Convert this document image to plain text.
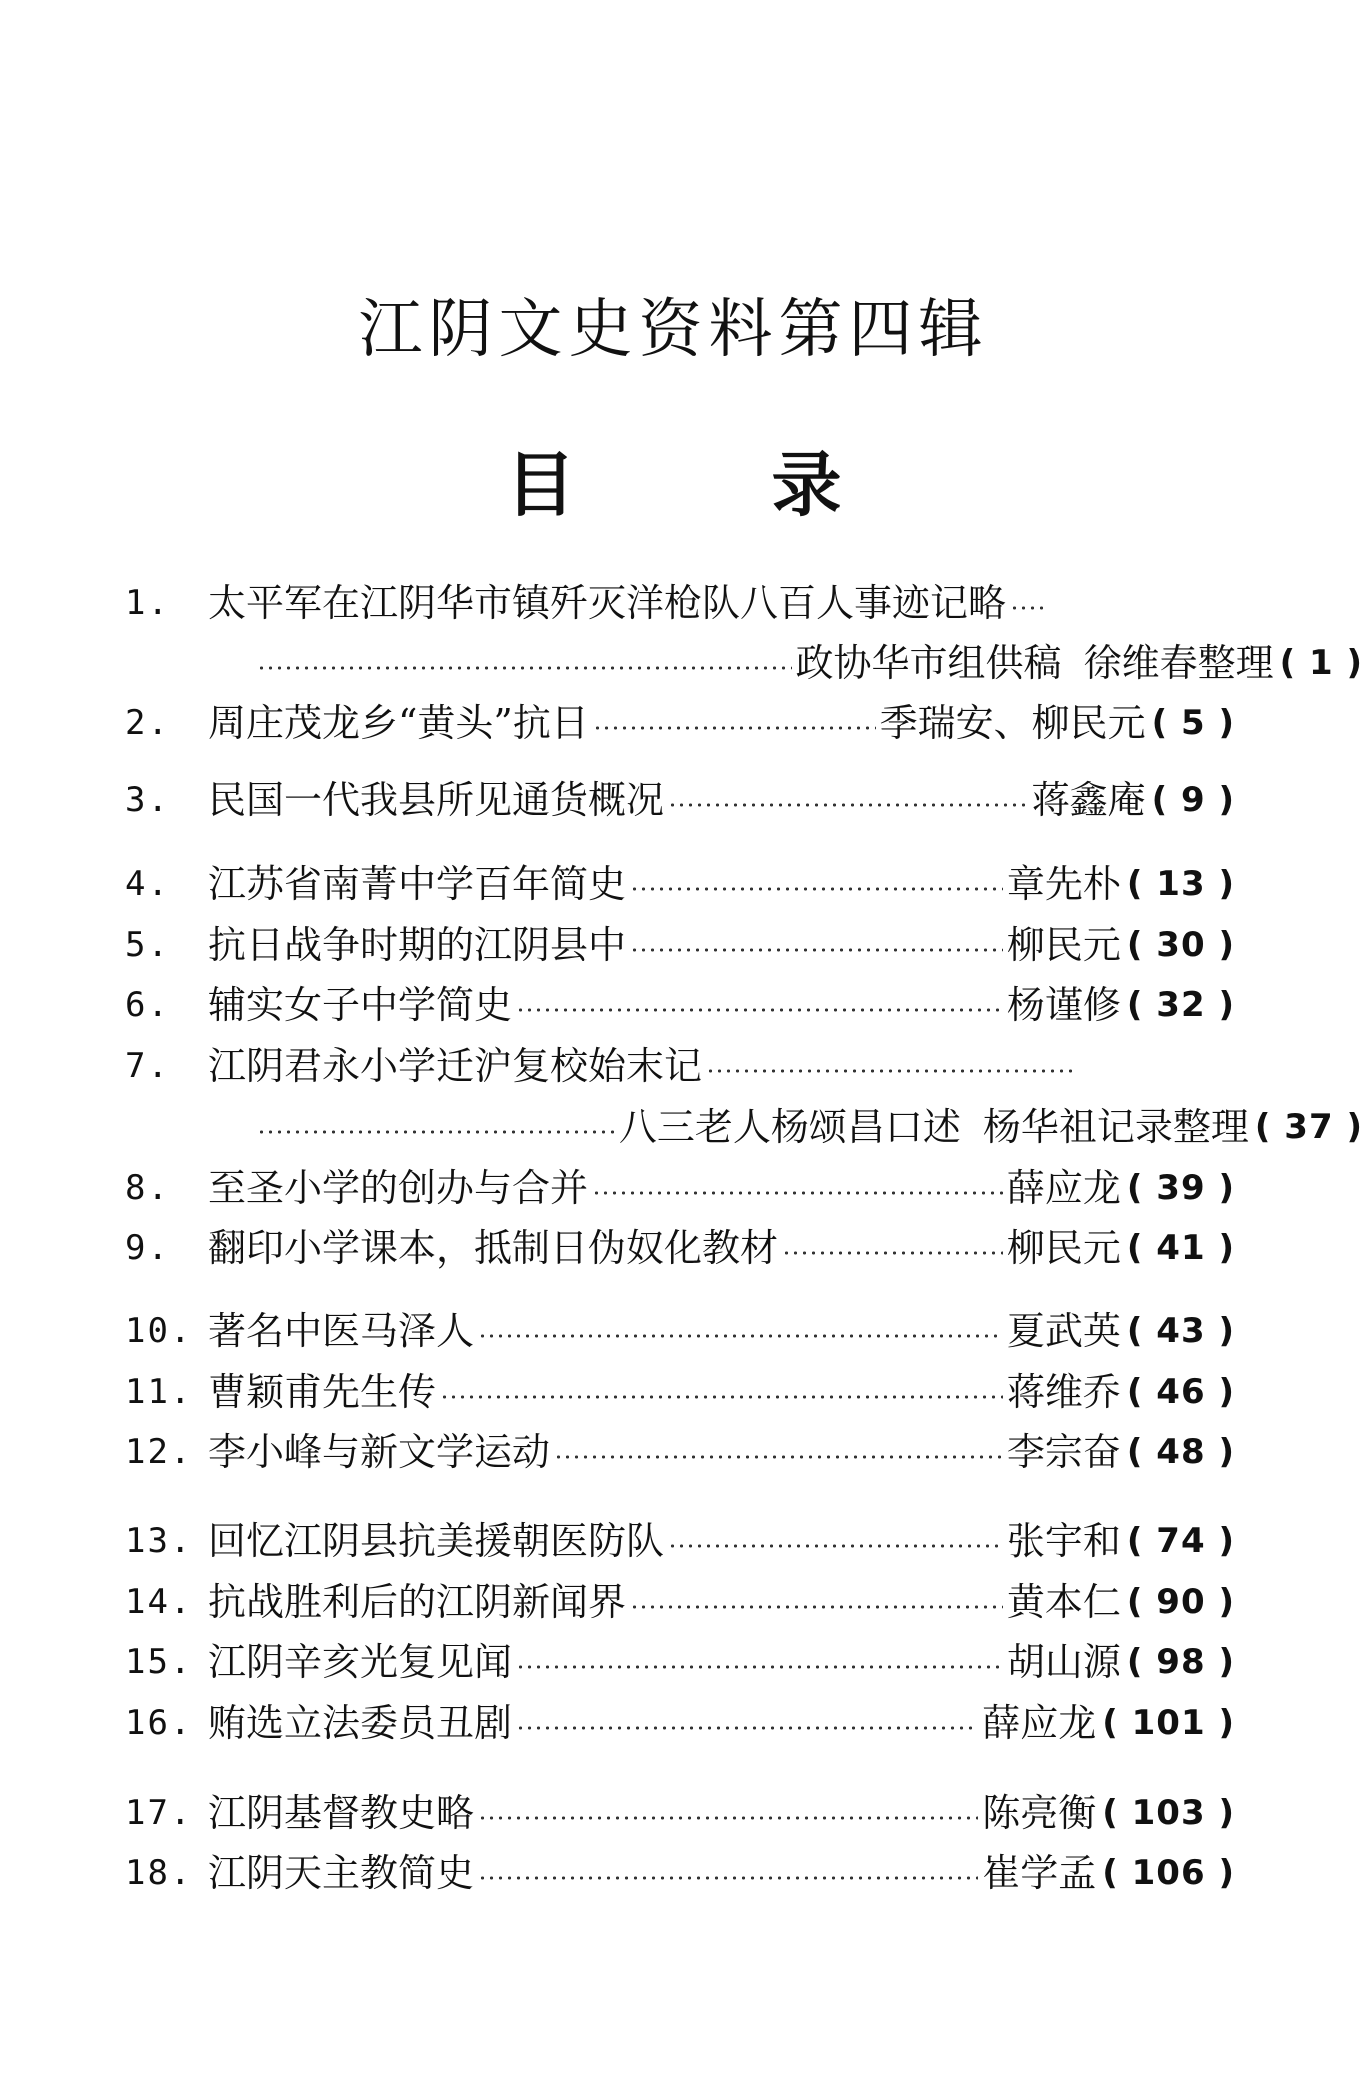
江阴文史资料第四辑
目	录
1.	太平军在江阴华市镇歼灭洋枪队八百人事迹记略
政协华市组供稿 徐维春整理 ( 1 )
2.	周庄茂龙乡“黄头”抗日	季瑞安、柳民元 ( 5 )
3.	民国一代我县所见通货概况	蒋鑫庵 ( 9 )
4.	江苏省南菁中学百年简史	章先朴 ( 13 )
5.	抗日战争时期的江阴县中	柳民元 ( 30 )
6.	辅实女子中学简史	杨谨修 ( 32 )
7.	江阴君永小学迁沪复校始末记
八三老人杨颂昌口述 杨华祖记录整理 ( 37 )
8.	至圣小学的创办与合并	薛应龙 ( 39 )
9.	翻印小学课本，抵制日伪奴化教材	柳民元 ( 41 )
10. 著名中医马泽人	夏武英 ( 43 )
11. 曹颖甫先生传	蒋维乔 ( 46 )
12. 李小峰与新文学运动	李宗奋 ( 48 )
13. 回忆江阴县抗美援朝医防队	张宇和 ( 74 )
14. 抗战胜利后的江阴新闻界	黄本仁 ( 90 )
15. 江阴辛亥光复见闻	胡山源 ( 98 )
16. 贿选立法委员丑剧	薛应龙 ( 101 )
17. 江阴基督教史略	陈亮衡 ( 103 )
18. 江阴天主教简史	崔学孟 ( 106 )
